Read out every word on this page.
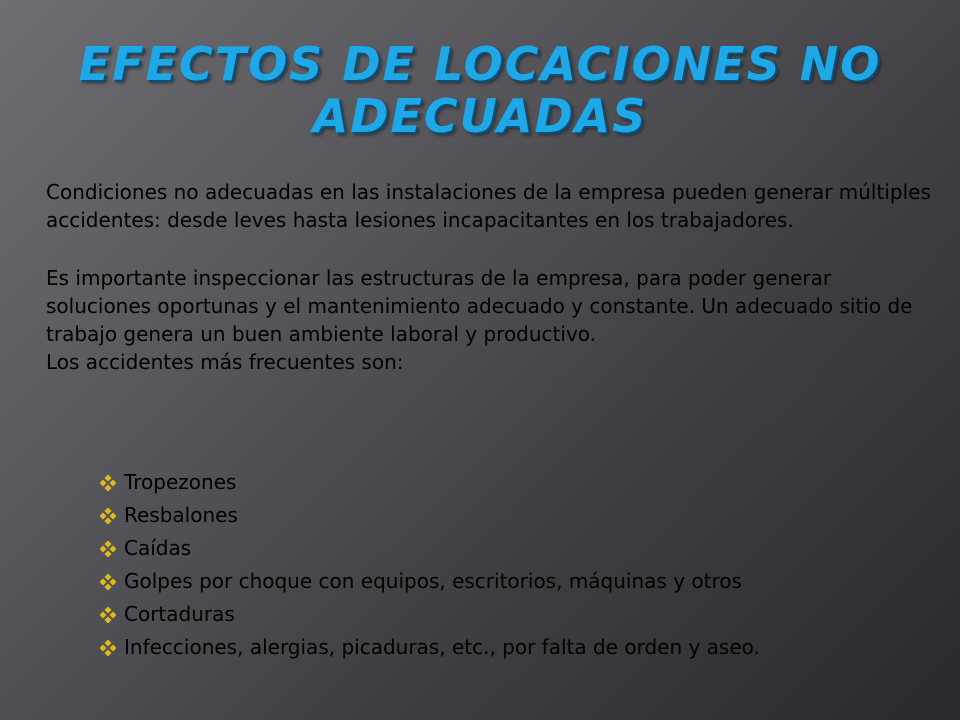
EFECTOS DE LOCACIONES NO
ADECUADAS

Condiciones no adecuadas en las instalaciones de la empresa pueden generar múltiples accidentes: desde leves hasta lesiones incapacitantes en los trabajadores.

Es importante inspeccionar las estructuras de la empresa, para poder generar soluciones oportunas y el mantenimiento adecuado y constante. Un adecuado sitio de trabajo genera un buen ambiente laboral y productivo.

Los accidentes más frecuentes son:

Tropezones
Resbalones
Caídas
Golpes por choque con equipos, escritorios, máquinas y otros
Cortaduras
Infecciones, alergias, picaduras, etc., por falta de orden y aseo.
